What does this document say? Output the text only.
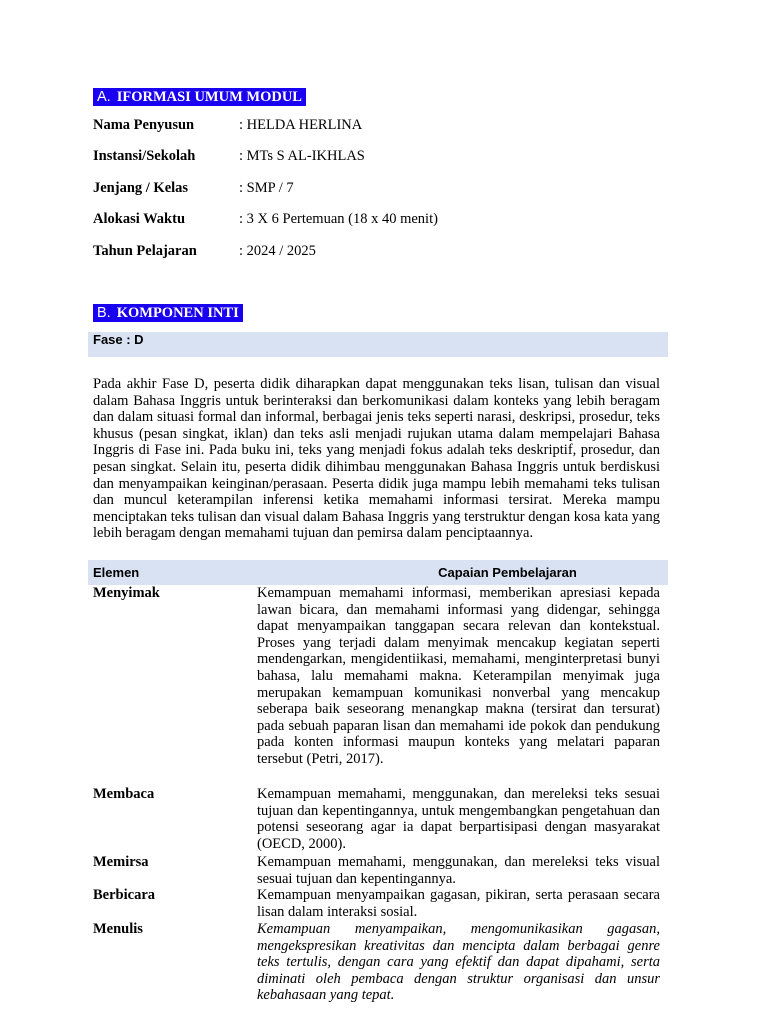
A. IFORMASI UMUM MODUL
Nama Penyusun	: HELDA HERLINA
Instansi/Sekolah	: MTs S AL-IKHLAS
Jenjang / Kelas	: SMP / 7
Alokasi Waktu	: 3 X 6 Pertemuan (18 x 40 menit)
Tahun Pelajaran	: 2024 / 2025
B. KOMPONEN INTI
Fase : D
Pada akhir Fase D, peserta didik diharapkan dapat menggunakan teks lisan, tulisan dan visual dalam Bahasa Inggris untuk berinteraksi dan berkomunikasi dalam konteks yang lebih beragam dan dalam situasi formal dan informal, berbagai jenis teks seperti narasi, deskripsi, prosedur, teks khusus (pesan singkat, iklan) dan teks asli menjadi rujukan utama dalam mempelajari Bahasa Inggris di Fase ini. Pada buku ini, teks yang menjadi fokus adalah teks deskriptif, prosedur, dan pesan singkat. Selain itu, peserta didik dihimbau menggunakan Bahasa Inggris untuk berdiskusi dan menyampaikan keinginan/perasaan. Peserta didik juga mampu lebih memahami teks tulisan dan muncul keterampilan inferensi ketika memahami informasi tersirat. Mereka mampu menciptakan teks tulisan dan visual dalam Bahasa Inggris yang terstruktur dengan kosa kata yang lebih beragam dengan memahami tujuan dan pemirsa dalam penciptaannya.
Elemen	Capaian Pembelajaran
Menyimak	Kemampuan memahami informasi, memberikan apresiasi kepada lawan bicara, dan memahami informasi yang didengar, sehingga dapat menyampaikan tanggapan secara relevan dan kontekstual. Proses yang terjadi dalam menyimak mencakup kegiatan seperti mendengarkan, mengidentiikasi, memahami, menginterpretasi bunyi bahasa, lalu memahami makna. Keterampilan menyimak juga merupakan kemampuan komunikasi nonverbal yang mencakup seberapa baik seseorang menangkap makna (tersirat dan tersurat) pada sebuah paparan lisan dan memahami ide pokok dan pendukung pada konten informasi maupun konteks yang melatari paparan tersebut (Petri, 2017).
Membaca	Kemampuan memahami, menggunakan, dan mereleksi teks sesuai tujuan dan kepentingannya, untuk mengembangkan pengetahuan dan potensi seseorang agar ia dapat berpartisipasi dengan masyarakat (OECD, 2000).
Memirsa	Kemampuan memahami, menggunakan, dan mereleksi teks visual sesuai tujuan dan kepentingannya.
Berbicara	Kemampuan menyampaikan gagasan, pikiran, serta perasaan secara lisan dalam interaksi sosial.
Menulis	Kemampuan menyampaikan, mengomunikasikan gagasan, mengekspresikan kreativitas dan mencipta dalam berbagai genre teks tertulis, dengan cara yang efektif dan dapat dipahami, serta diminati oleh pembaca dengan struktur organisasi dan unsur kebahasaan yang tepat.
